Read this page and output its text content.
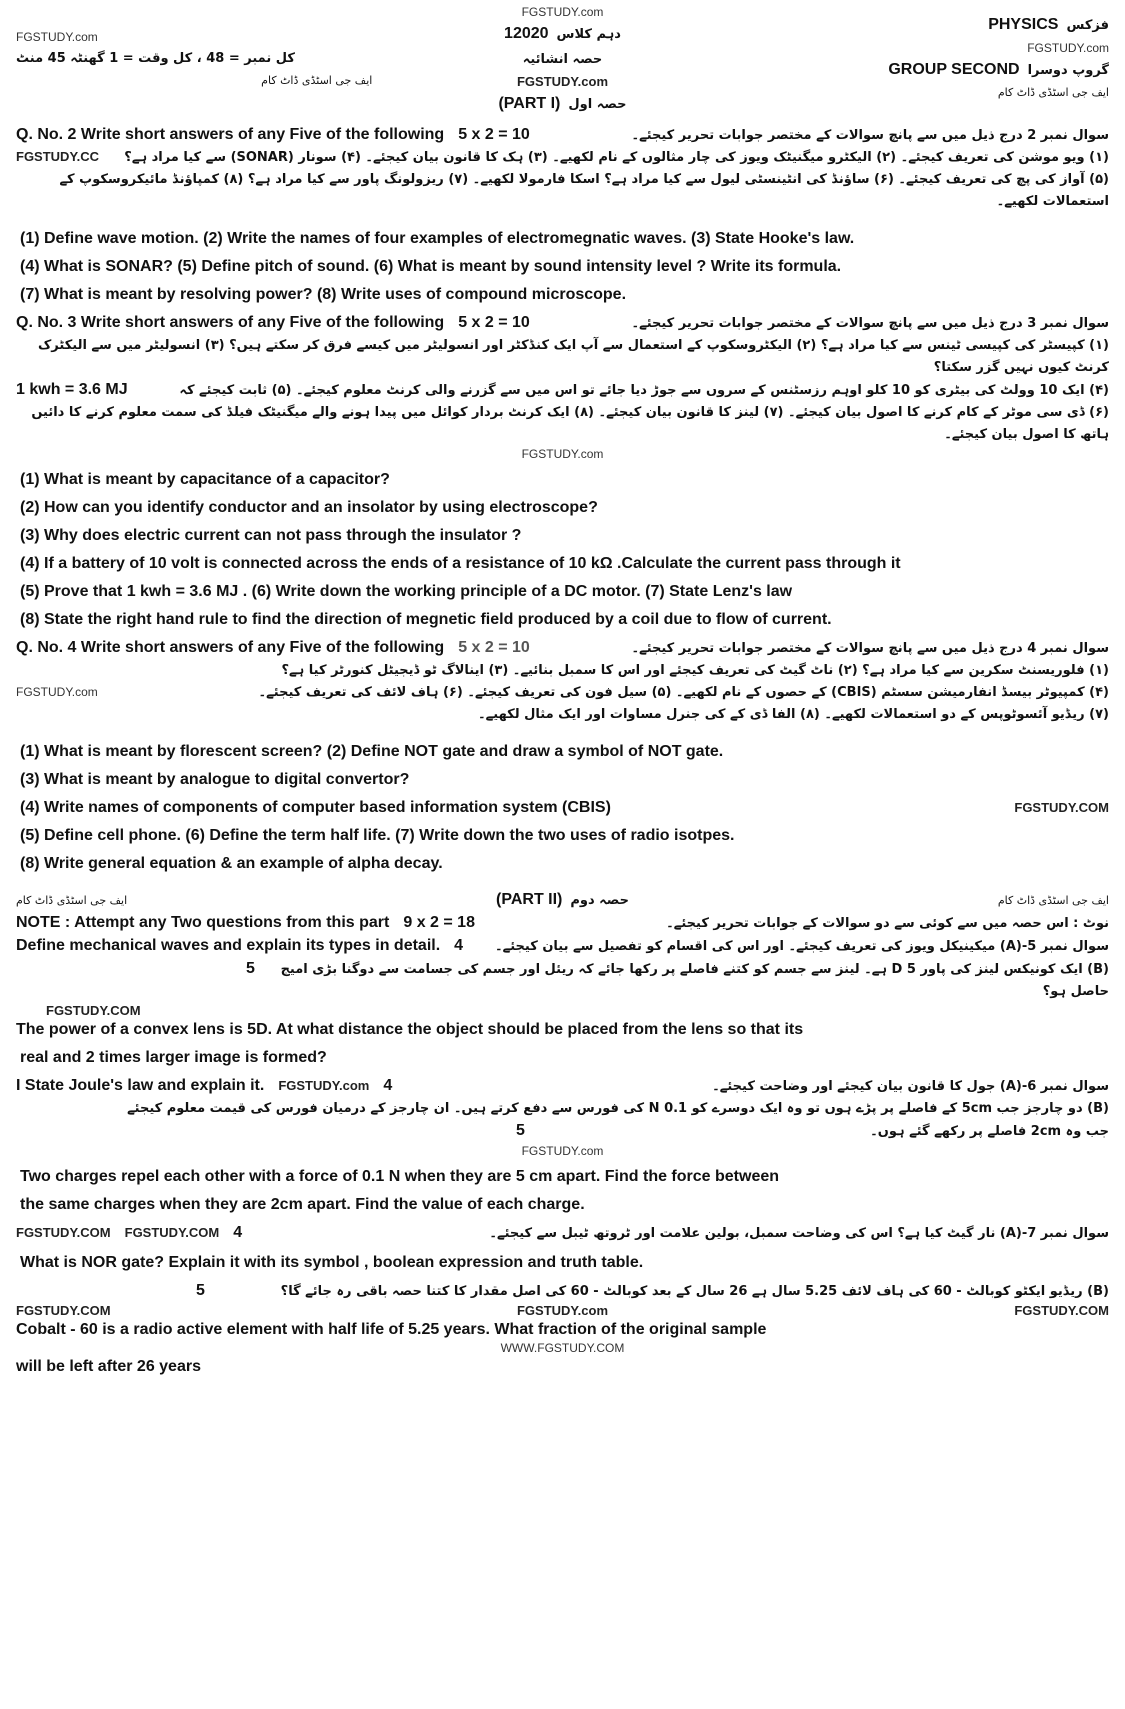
FGSTUDY.com
کل نمبر = 48 ، کل وقت = 1 گھنٹہ 45 منٹ
ایف جی اسٹڈی ڈاٹ کام
FGSTUDY.com
12020 دہم کلاس
حصہ انشائیہ
FGSTUDY.com
(PART I) حصہ اول
PHYSICS فزکس
FGSTUDY.com
GROUP SECOND گروپ دوسرا
ایف جی اسٹڈی ڈاٹ کام
Q. No. 2 Write short answers of any Five of the following 5 x 2 = 10	سوال نمبر 2 درج ذیل میں سے پانچ سوالات کے مختصر جوابات تحریر کیجئے۔
FGSTUDY.CC	(۱) ویو موشن کی تعریف کیجئے۔ (۲) الیکٹرو میگنیٹک ویوز کی چار مثالوں کے نام لکھیے۔ (۳) ہک کا قانون بیان کیجئے۔ (۴) سونار (SONAR) سے کیا مراد ہے؟
(۵) آواز کی پچ کی تعریف کیجئے۔ (۶) ساؤنڈ کی انٹینسٹی لیول سے کیا مراد ہے؟ اسکا فارمولا لکھیے۔ (۷) ریزولونگ پاور سے کیا مراد ہے؟ (۸) کمپاؤنڈ مائیکروسکوپ کے استعمالات لکھیے۔
(1) Define wave motion. (2) Write the names of four examples of electromegnatic waves. (3) State Hooke's law.
(4) What is SONAR? (5) Define pitch of sound. (6) What is meant by sound intensity level ? Write its formula.
(7) What is meant by resolving power? (8) Write uses of compound microscope.
Q. No. 3 Write short answers of any Five of the following 5 x 2 = 10	سوال نمبر 3 درج ذیل میں سے پانچ سوالات کے مختصر جوابات تحریر کیجئے۔
(۱) کپیسٹر کی کپیسی ٹینس سے کیا مراد ہے؟ (۲) الیکٹروسکوپ کے استعمال سے آپ ایک کنڈکٹر اور انسولیٹر میں کیسے فرق کر سکتے ہیں؟ (۳) انسولیٹر میں سے الیکٹرک کرنٹ کیوں نہیں گزر سکتا؟
1 kwh = 3.6 MJ	(۴) ایک 10 وولٹ کی بیٹری کو 10 کلو اوہم رزسٹنس کے سروں سے جوڑ دیا جائے تو اس میں سے گزرنے والی کرنٹ معلوم کیجئے۔ (۵) ثابت کیجئے کہ
(۶) ڈی سی موٹر کے کام کرنے کا اصول بیان کیجئے۔ (۷) لینز کا قانون بیان کیجئے۔ (۸) ایک کرنٹ بردار کوائل میں پیدا ہونے والے میگنیٹک فیلڈ کی سمت معلوم کرنے کا دائیں ہاتھ کا اصول بیان کیجئے۔
FGSTUDY.com
(1) What is meant by capacitance of a capacitor?
(2) How can you identify conductor and an insolator by using electroscope?
(3) Why does electric current can not pass through the insulator ?
(4) If a battery of 10 volt is connected across the ends of a resistance of 10 kΩ .Calculate the current pass through it
(5) Prove that 1 kwh = 3.6 MJ . (6) Write down the working principle of a DC motor. (7) State Lenz's law
(8) State the right hand rule to find the direction of megnetic field produced by a coil due to flow of current.
Q. No. 4 Write short answers of any Five of the following 5 x 2 = 10	سوال نمبر 4 درج ذیل میں سے پانچ سوالات کے مختصر جوابات تحریر کیجئے۔
(۱) فلوریسنٹ سکرین سے کیا مراد ہے؟ (۲) ناٹ گیٹ کی تعریف کیجئے اور اس کا سمبل بنائیے۔ (۳) اینالاگ ٹو ڈیجیٹل کنورٹر کیا ہے؟
FGSTUDY.com	(۴) کمپیوٹر بیسڈ انفارمیشن سسٹم (CBIS) کے حصوں کے نام لکھیے۔ (۵) سیل فون کی تعریف کیجئے۔ (۶) ہاف لائف کی تعریف کیجئے۔
(۷) ریڈیو آئسوٹوپس کے دو استعمالات لکھیے۔ (۸) الفا ڈی کے کی جنرل مساوات اور ایک مثال لکھیے۔
(1) What is meant by florescent screen? (2) Define NOT gate and draw a symbol of NOT gate.
(3) What is meant by analogue to digital convertor?
(4) Write names of components of computer based information system (CBIS)	FGSTUDY.COM
(5) Define cell phone. (6) Define the term half life. (7) Write down the two uses of radio isotpes.
(8) Write general equation & an example of alpha decay.
ایف جی اسٹڈی ڈاٹ کام	(PART II) حصہ دوم	ایف جی اسٹڈی ڈاٹ کام
NOTE : Attempt any Two questions from this part 9 x 2 = 18	نوٹ : اس حصہ میں سے کوئی سے دو سوالات کے جوابات تحریر کیجئے۔
Define mechanical waves and explain its types in detail. 4	سوال نمبر 5-(A) میکینیکل ویوز کی تعریف کیجئے۔ اور اس کی اقسام کو تفصیل سے بیان کیجئے۔
5	(B) ایک کونیکس لینز کی پاور 5 D ہے۔ لینز سے جسم کو کتنے فاصلے پر رکھا جائے کہ ریئل اور جسم کی جسامت سے دوگنا بڑی امیج حاصل ہو؟
FGSTUDY.COM
The power of a convex lens is 5D. At what distance the object should be placed from the lens so that its
real and 2 times larger image is formed?
I State Joule's law and explain it. FGSTUDY.com 4	سوال نمبر 6-(A) جول کا قانون بیان کیجئے اور وضاحت کیجئے۔
(B) دو چارجز جب 5cm کے فاصلے پر پڑے ہوں تو وہ ایک دوسرے کو 0.1 N کی فورس سے دفع کرتے ہیں۔ ان چارجز کے درمیان فورس کی قیمت معلوم کیجئے
5	جب وہ 2cm فاصلے پر رکھے گئے ہوں۔
FGSTUDY.com
Two charges repel each other with a force of 0.1 N when they are 5 cm apart. Find the force between
the same charges when they are 2cm apart. Find the value of each charge.
FGSTUDY.COM FGSTUDY.COM 4	سوال نمبر 7-(A) نار گیٹ کیا ہے؟ اس کی وضاحت سمبل، بولین علامت اور ٹروتھ ٹیبل سے کیجئے۔
What is NOR gate? Explain it with its symbol , boolean expression and truth table.
5	(B) ریڈیو ایکٹو کوبالٹ - 60 کی ہاف لائف 5.25 سال ہے 26 سال کے بعد کوبالٹ - 60 کی اصل مقدار کا کتنا حصہ باقی رہ جائے گا؟
FGSTUDY.COM	FGSTUDY.com	FGSTUDY.COM
Cobalt - 60 is a radio active element with half life of 5.25 years. What fraction of the original sample
WWW.FGSTUDY.COM
will be left after 26 years
